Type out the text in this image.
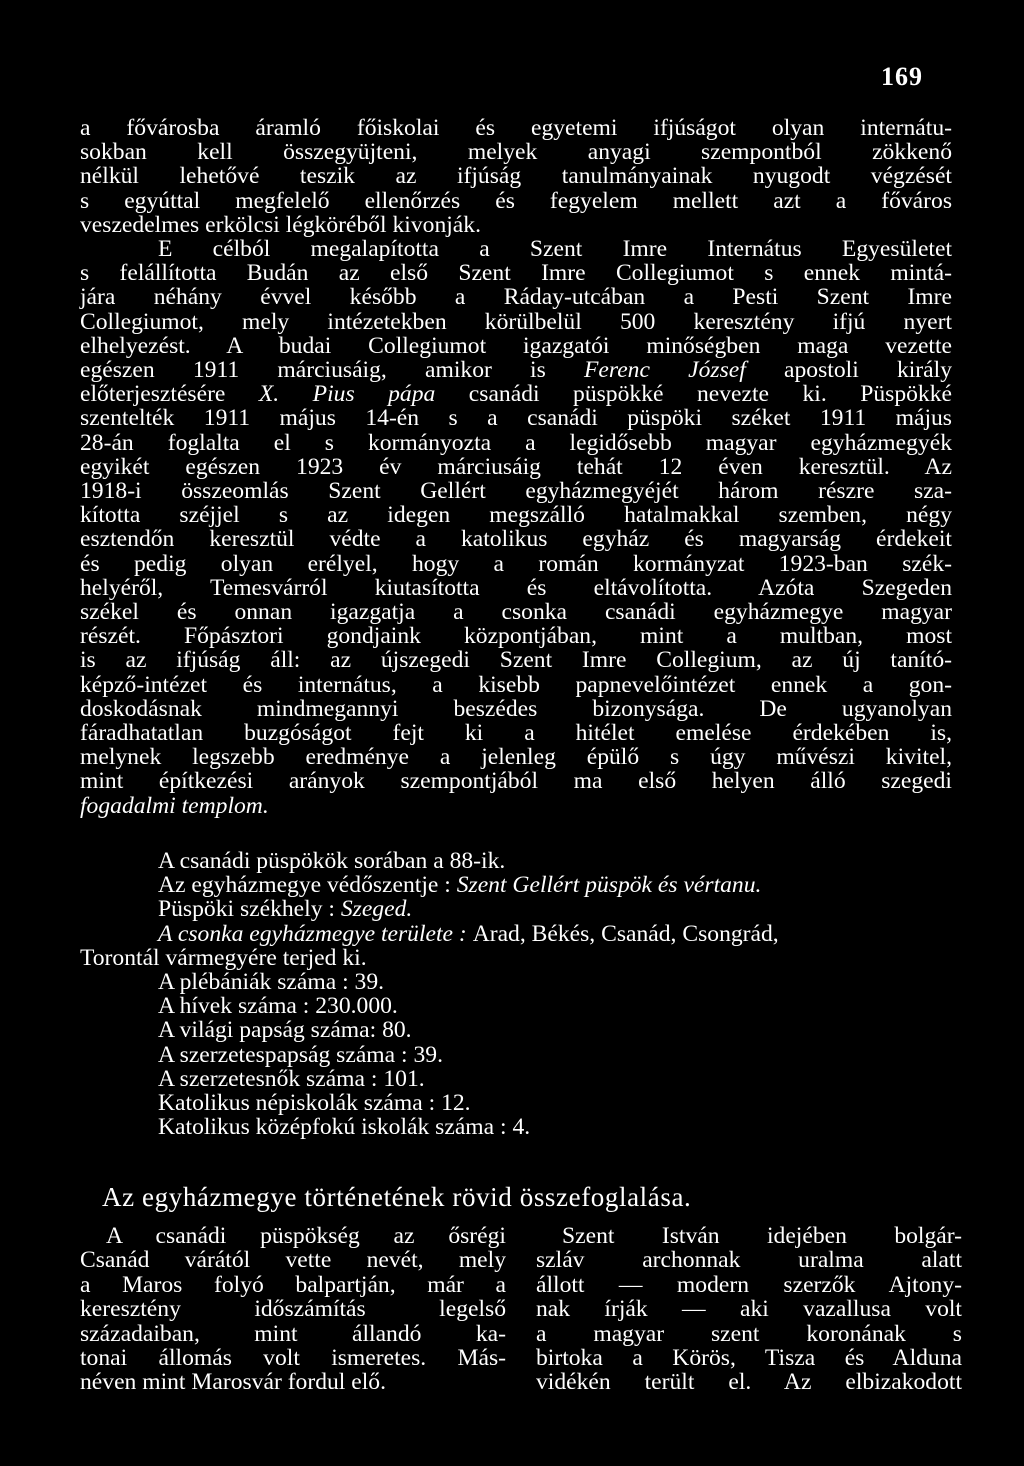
169
a fővárosba áramló főiskolai és egyetemi ifjúságot olyan internátu-
sokban kell összegyüjteni, melyek anyagi szempontból zökkenő
nélkül lehetővé teszik az ifjúság tanulmányainak nyugodt végzését
s egyúttal megfelelő ellenőrzés és fegyelem mellett azt a főváros
veszedelmes erkölcsi légköréből kivonják.
E célból megalapította a Szent Imre Internátus Egyesületet
s felállította Budán az első Szent Imre Collegiumot s ennek mintá-
jára néhány évvel később a Ráday-utcában a Pesti Szent Imre
Collegiumot, mely intézetekben körülbelül 500 keresztény ifjú nyert
elhelyezést. A budai Collegiumot igazgatói minőségben maga vezette
egészen 1911 márciusáig, amikor is Ferenc József apostoli király
előterjesztésére X. Pius pápa csanádi püspökké nevezte ki. Püspökké
szentelték 1911 május 14-én s a csanádi püspöki széket 1911 május
28-án foglalta el s kormányozta a legidősebb magyar egyházmegyék
egyikét egészen 1923 év márciusáig tehát 12 éven keresztül. Az
1918-i összeomlás Szent Gellért egyházmegyéjét három részre sza-
kította széjjel s az idegen megszálló hatalmakkal szemben, négy
esztendőn keresztül védte a katolikus egyház és magyarság érdekeit
és pedig olyan erélyel, hogy a román kormányzat 1923-ban szék-
helyéről, Temesvárról kiutasította és eltávolította. Azóta Szegeden
székel és onnan igazgatja a csonka csanádi egyházmegye magyar
részét. Főpásztori gondjaink központjában, mint a multban, most
is az ifjúság áll: az újszegedi Szent Imre Collegium, az új tanító-
képző-intézet és internátus, a kisebb papnevelőintézet ennek a gon-
doskodásnak mindmegannyi beszédes bizonysága. De ugyanolyan
fáradhatatlan buzgóságot fejt ki a hitélet emelése érdekében is,
melynek legszebb eredménye a jelenleg épülő s úgy művészi kivitel,
mint építkezési arányok szempontjából ma első helyen álló szegedi
fogadalmi templom.
A csanádi püspökök sorában a 88-ik.
Az egyházmegye védőszentje : Szent Gellért püspök és vértanu.
Püspöki székhely : Szeged.
A csonka egyházmegye területe : Arad, Békés, Csanád, Csongrád,
Torontál vármegyére terjed ki.
A plébániák száma : 39.
A hívek száma : 230.000.
A világi papság száma: 80.
A szerzetespapság száma : 39.
A szerzetesnők száma : 101.
Katolikus népiskolák száma : 12.
Katolikus középfokú iskolák száma : 4.
Az egyházmegye történetének rövid összefoglalása.
A csanádi püspökség az ősrégi
Csanád várától vette nevét, mely
a Maros folyó balpartján, már a
keresztény időszámítás legelső
századaiban, mint állandó ka-
tonai állomás volt ismeretes. Más-
néven mint Marosvár fordul elő.
Szent István idejében bolgár-
szláv archonnak uralma alatt
állott — modern szerzők Ajtony-
nak írják — aki vazallusa volt
a magyar szent koronának s
birtoka a Körös, Tisza és Alduna
vidékén terült el. Az elbizakodott
